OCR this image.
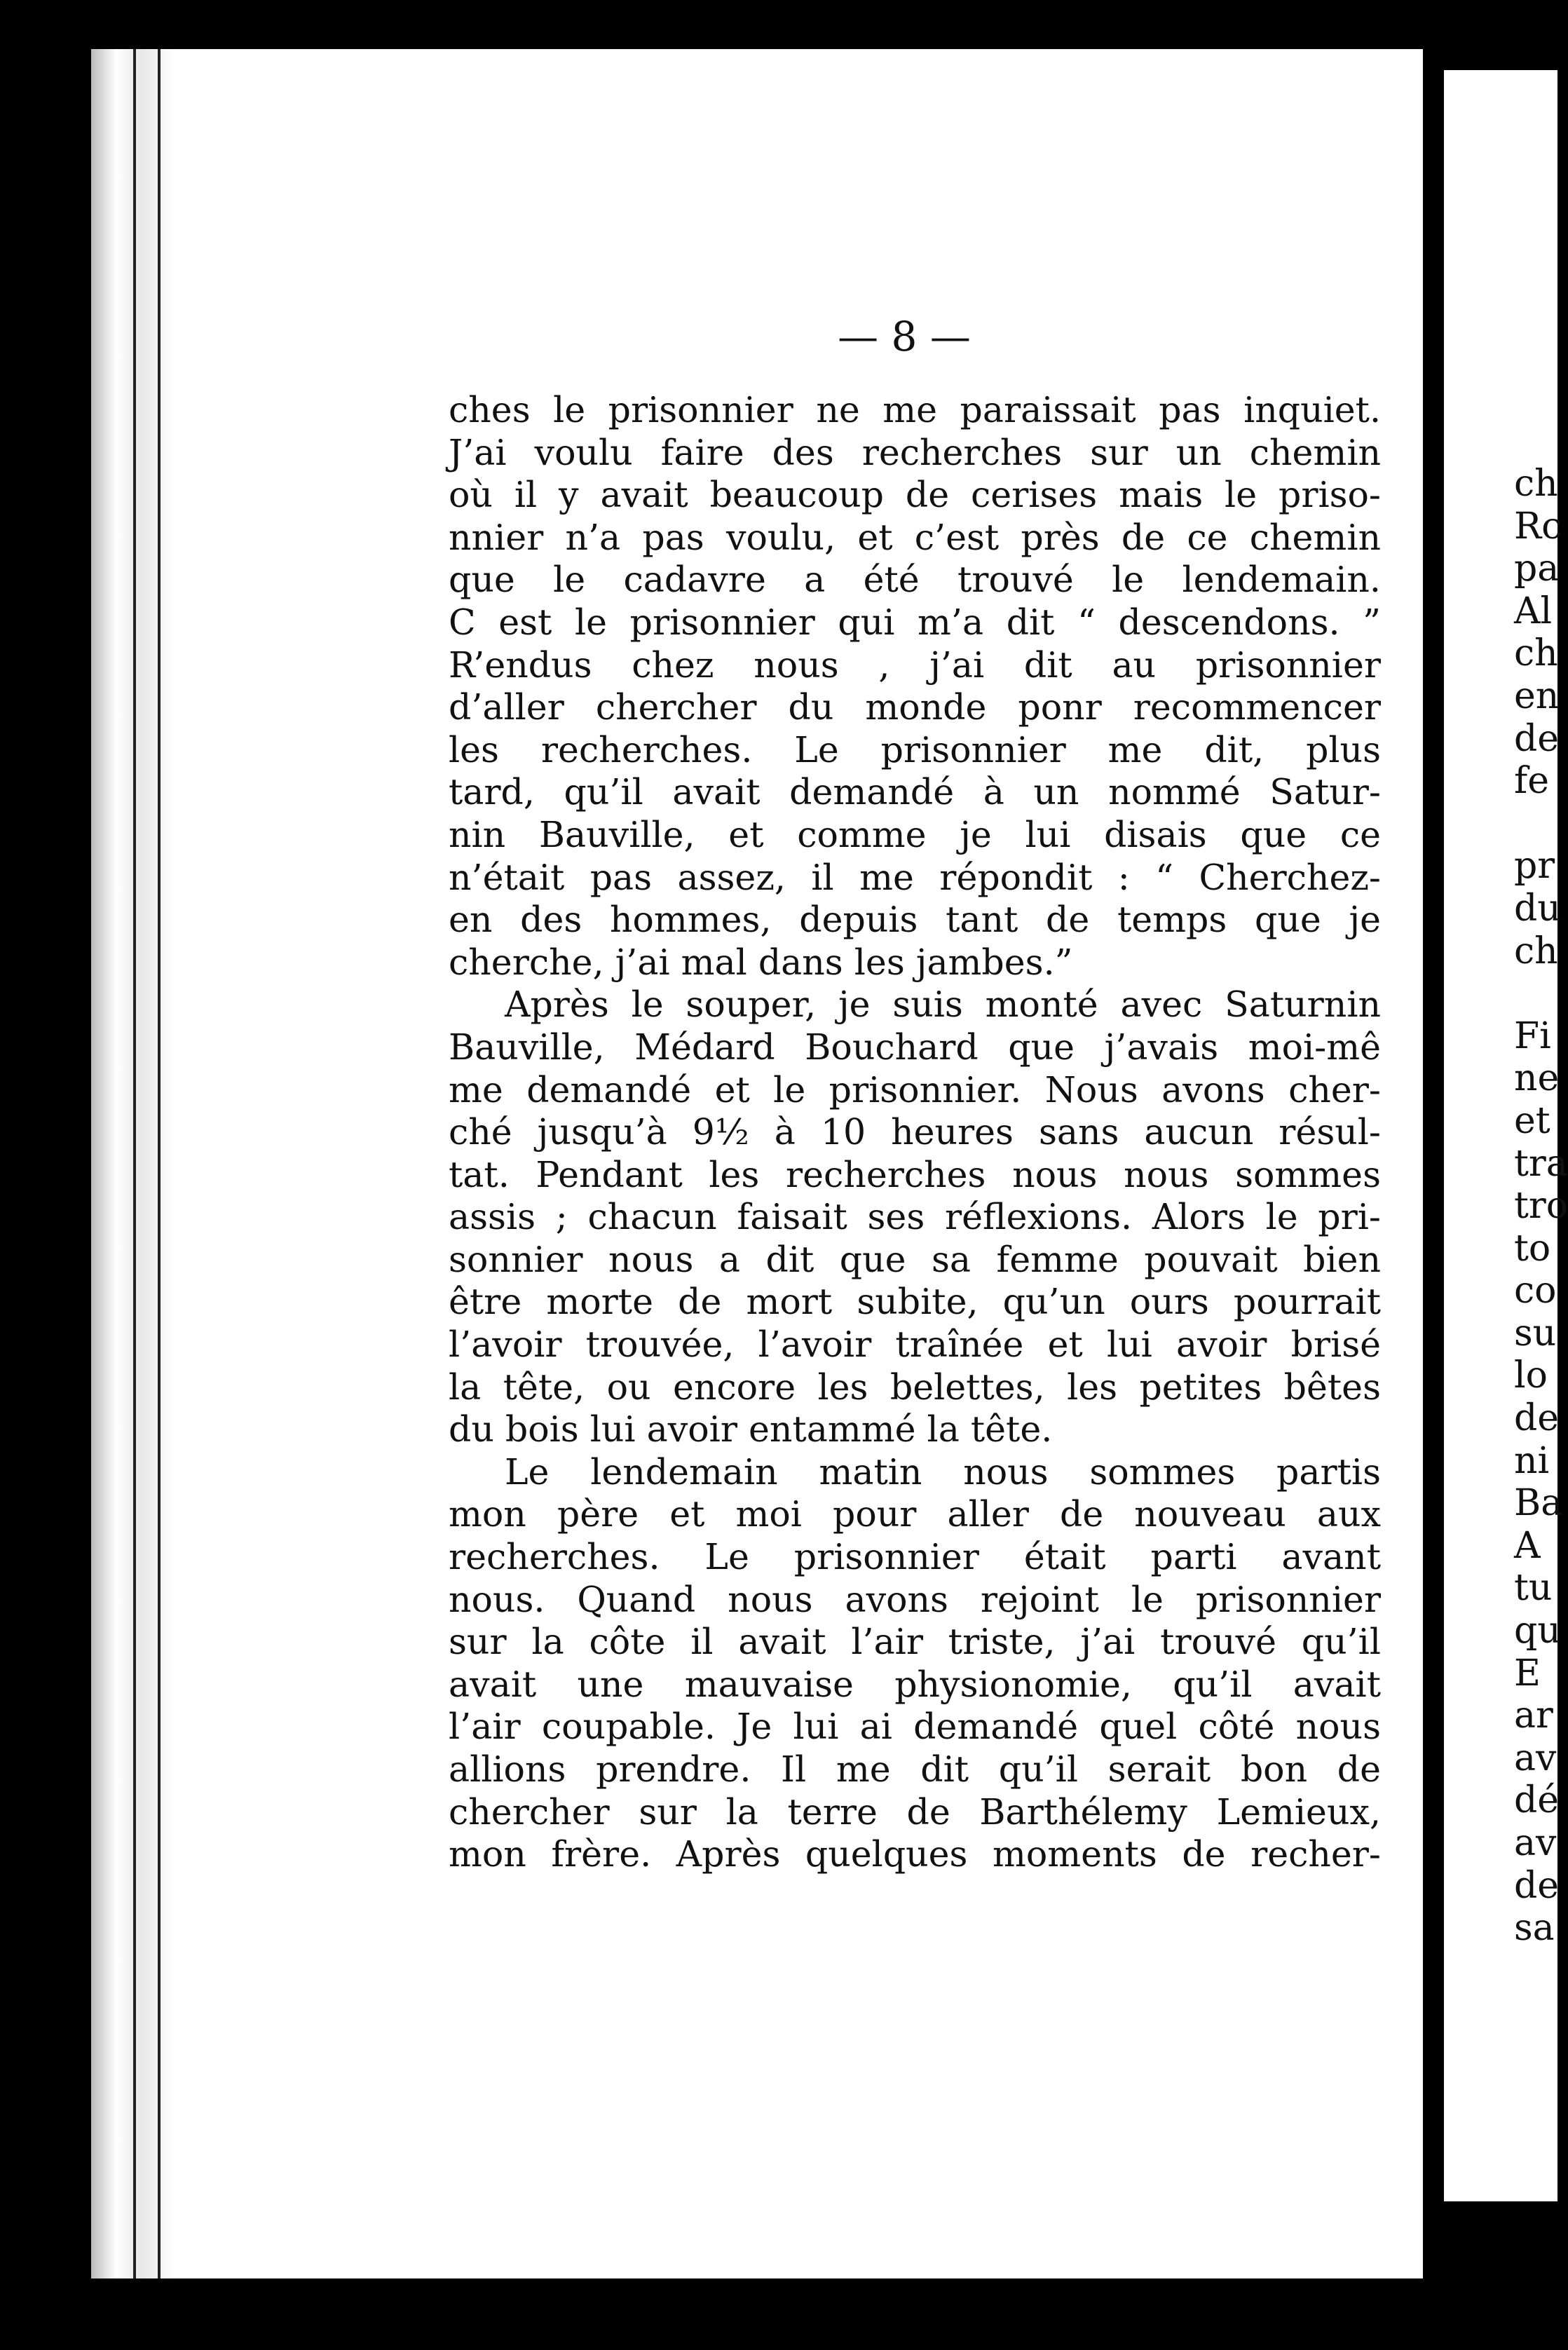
— 8 —
ches le prisonnier ne me paraissait pas inquiet.
J’ai voulu faire des recherches sur un chemin
où il y avait beaucoup de cerises mais le priso-
nnier n’a pas voulu, et c’est près de ce chemin
que le cadavre a été trouvé le lendemain.
C est le prisonnier qui m’a dit “ descendons. ”
R’endus chez nous , j’ai dit au prisonnier
d’aller chercher du monde ponr recommencer
les recherches. Le prisonnier me dit, plus
tard, qu’il avait demandé à un nommé Satur-
nin Bauville, et comme je lui disais que ce
n’était pas assez, il me répondit : “ Cherchez-
en des hommes, depuis tant de temps que je
cherche, j’ai mal dans les jambes.”
Après le souper, je suis monté avec Saturnin
Bauville, Médard Bouchard que j’avais moi-mê
me demandé et le prisonnier. Nous avons cher-
ché jusqu’à 9½ à 10 heures sans aucun résul-
tat. Pendant les recherches nous nous sommes
assis ; chacun faisait ses réflexions. Alors le pri-
sonnier nous a dit que sa femme pouvait bien
être morte de mort subite, qu’un ours pourrait
l’avoir trouvée, l’avoir traînée et lui avoir brisé
la tête, ou encore les belettes, les petites bêtes
du bois lui avoir entammé la tête.
Le lendemain matin nous sommes partis
mon père et moi pour aller de nouveau aux
recherches. Le prisonnier était parti avant
nous. Quand nous avons rejoint le prisonnier
sur la côte il avait l’air triste, j’ai trouvé qu’il
avait une mauvaise physionomie, qu’il avait
l’air coupable. Je lui ai demandé quel côté nous
allions prendre. Il me dit qu’il serait bon de
chercher sur la terre de Barthélemy Lemieux,
mon frère. Après quelques moments de recher-
ch
Rc
pa
Al
ch
en
de
fe
pr
du
ch
Fi
ne
et
tra
tro
to
co
su
lo
de
ni
Ba
A
tu
qu
E
ar
av
dé
av
de
sa
